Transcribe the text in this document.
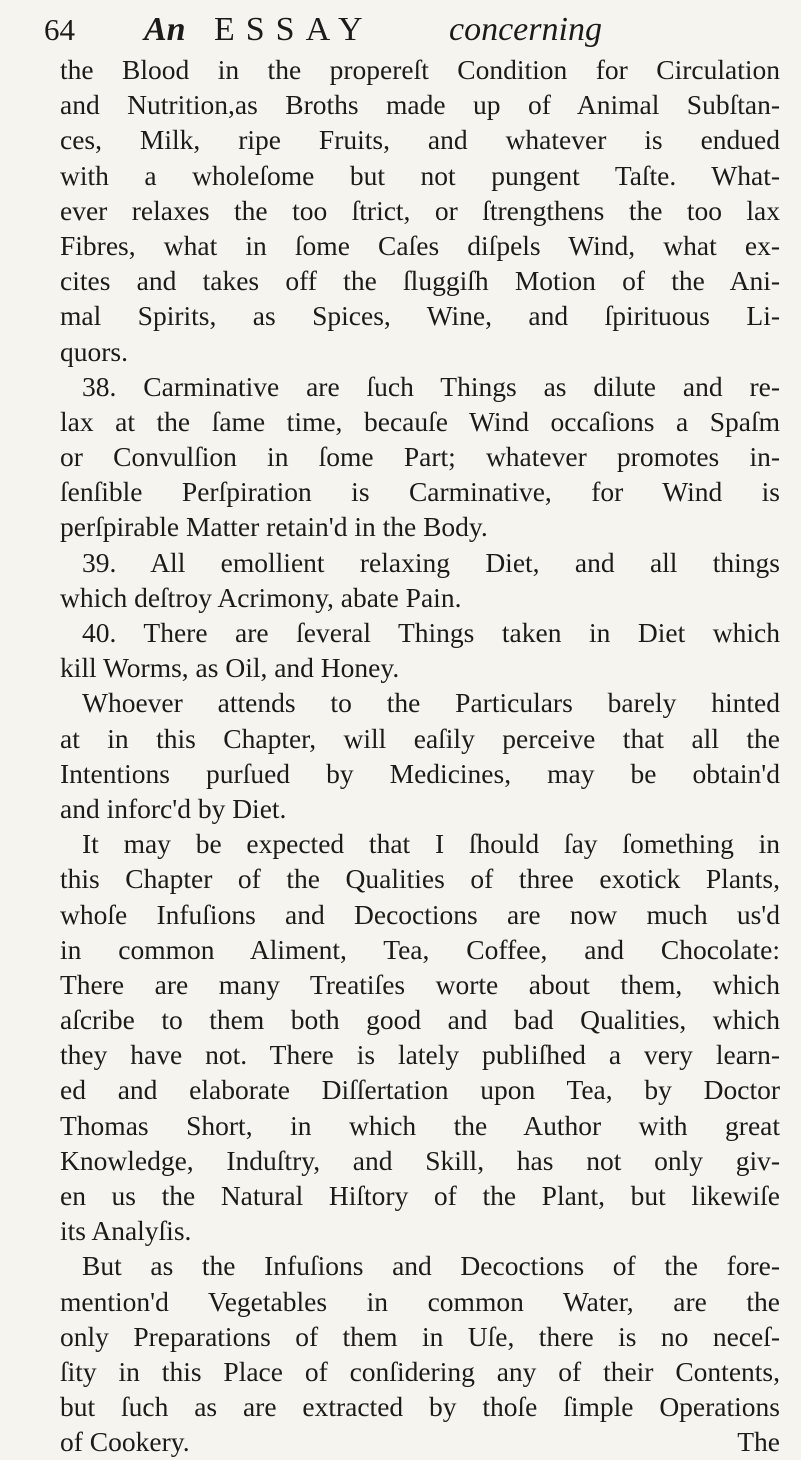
64 An ESSAY concerning
the Blood in the propereſt Condition for Circulation
and Nutrition,as Broths made up of Animal Subſtan-
ces, Milk, ripe Fruits, and whatever is endued
with a wholeſome but not pungent Taſte. What-
ever relaxes the too ſtrict, or ſtrengthens the too lax
Fibres, what in ſome Caſes diſpels Wind, what ex-
cites and takes off the ſluggiſh Motion of the Ani-
mal Spirits, as Spices, Wine, and ſpirituous Li-
quors.
38. Carminative are ſuch Things as dilute and re-
lax at the ſame time, becauſe Wind occaſions a Spaſm
or Convulſion in ſome Part; whatever promotes in-
ſenſible Perſpiration is Carminative, for Wind is
perſpirable Matter retain'd in the Body.
39. All emollient relaxing Diet, and all things
which deſtroy Acrimony, abate Pain.
40. There are ſeveral Things taken in Diet which
kill Worms, as Oil, and Honey.
Whoever attends to the Particulars barely hinted
at in this Chapter, will eaſily perceive that all the
Intentions purſued by Medicines, may be obtain'd
and inforc'd by Diet.
It may be expected that I ſhould ſay ſomething in
this Chapter of the Qualities of three exotick Plants,
whoſe Infuſions and Decoctions are now much us'd
in common Aliment, Tea, Coffee, and Chocolate:
There are many Treatiſes worte about them, which
aſcribe to them both good and bad Qualities, which
they have not. There is lately publiſhed a very learn-
ed and elaborate Diſſertation upon Tea, by Doctor
Thomas Short, in which the Author with great
Knowledge, Induſtry, and Skill, has not only giv-
en us the Natural Hiſtory of the Plant, but likewiſe
its Analyſis.
But as the Infuſions and Decoctions of the fore-
mention'd Vegetables in common Water, are the
only Preparations of them in Uſe, there is no neceſ-
ſity in this Place of conſidering any of their Contents,
but ſuch as are extracted by thoſe ſimple Operations
of Cookery.	The
